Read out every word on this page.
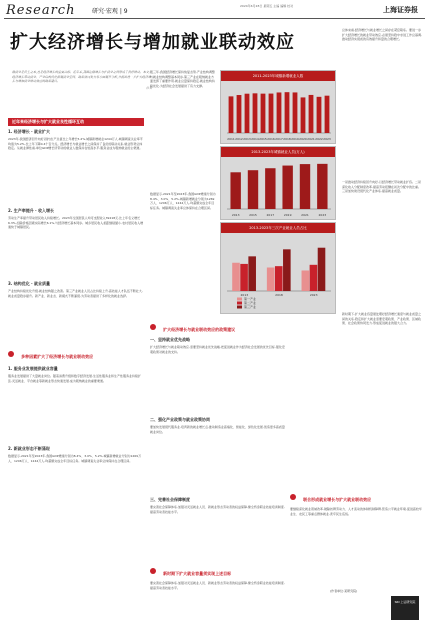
Research	研究·宏观 | 9
2024年6月28日 星期五 主编 编辑 校对	上海证券报
扩大经济增长与增加就业联动效应
稳就业是民生之本,也是经济增长的重要目标。近年来,我国在稳增长与扩就业之间形成了良好联动。本文从经济增长带动就业、产业结构优化拓展就业空间、政策协同发力等方面展开分析,并提出进一步扩大经济增长与增加就业联动效应的政策建议。
作者
近年来经济增长与扩大就业良性循环互动
1. 经济增长 · 就业扩大

2023年,我国经济回升向好,国内生产总值比上年增长5.2%,城镇新增就业1244万人,城镇调查失业率平均值为5.2%,比上年下降0.4个百分点。经济增长与就业增长之间保持了良好的联动关系,就业形势总体稳定。从就业弹性看,单位GDP增长所带动的就业人数保持在较高水平,服务业成为吸纳就业的主渠道。

2. 生产率提升 · 收入增长

劳动生产率提升带动居民收入持续增长。2023年全国居民人均可支配收入39218元,比上年名义增长6.3%,扣除价格因素实际增长6.1%,与经济增长基本同步。城乡居民收入差距继续缩小,农村居民收入增速快于城镇居民。

3. 结构优化 · 就业质量

产业结构持续优化升级,就业结构随之改善。第三产业就业人员占比持续上升,高技能人才队伍不断壮大,就业质量稳步提升。新产业、新业态、新模式不断涌现,为劳动者提供了多样化的就业选择。

多种因素扩大了经济增长与就业联动效应
1. 服务业发展提供就业容量

服务业发展提供了大量就业岗位。随着消费升级和数字经济发展,生活性服务业和生产性服务业持续扩张,灵活就业、平台就业等新就业形态快速发展,成为吸纳就业的重要渠道。

2. 新就业形态不断涌现

数据显示,2021年至2023年,我国GDP增速分别为8.4%、3.0%、5.2%,城镇新增就业分别为1269万人、1206万人、1244万人,均超额完成全年目标任务。城镇调查失业率总体保持在合理区间。

近三年,我国经济增长保持恢复态势,产业结构调整与就业结构调整基本同步,第三产业在吸纳就业方面发挥了重要作用,就业总量保持稳定,就业结构持续优化,为经济社会发展提供了有力支撑。

数据显示,2021年至2023年,我国GDP增速分别为8.4%、3.0%、5.2%,城镇新增就业分别为1269万人、1206万人、1244万人,均超额完成全年目标任务。城镇调查失业率总体保持在合理区间。

2011-2023年城镇新增就业人数
2011 2012 2013 2014 2015 2016 2017 2018 2019 2020 2021 2022 2023
2013-2023年城镇就业人员(万人)
2013	2015	2017	2019	2021	2023
2013-2023年三次产业就业人员占比
2013	2018	2023
第一产业
第二产业
第三产业
扩大经济增长与就业联动效应的政策建议
一、坚持就业优先战略

扩大经济增长与就业联动效应,需要坚持就业优先战略,把促进就业作为经济社会发展的优先目标,强化宏观政策对就业的支持。

二、强化产业政策与就业政策协同

要加快发展现代服务业,培育新的就业增长点,推动制造业高端化、智能化、绿色化发展,创造更多高质量就业岗位。

三、完善社会保障制度

要完善社会保障体系,加强对灵活就业人员、新就业形态劳动者的权益保障,健全终身职业技能培训制度,提高劳动者技能水平。

总体来看,经济增长与就业增长之间存在紧密联系。要进一步扩大经济增长的就业带动效应,必须坚持稳中求进工作总基调,推动经济实现质的有效提升和量的合理增长。

一是推动经济持续回升向好,以经济增长带动就业扩容。二是深化收入分配制度改革,提高劳动报酬在初次分配中的比重。三是加快建设现代化产业体系,提高就业质量。

新时期下,扩大就业容量须处理好经济增长速度与就业质量之间的关系,稳定和扩大就业需要宏观政策、产业政策、区域政策、社会政策协同发力,形成促进就业的强大合力。

联合形成就业增长与扩大就业联动效应

要继续深化就业领域改革,破除妨碍劳动力、人才流动的体制机制障碍,营造公平就业环境,促进高校毕业生、农民工等重点群体就业,兜牢民生底线。

新时期下扩大就业容量须实现上述目标

要完善社会保障体系,加强对灵活就业人员、新就业形态劳动者的权益保障,健全终身职业技能培训制度,提高劳动者技能水平。

(作者单位:某研究院)
SRI 上证研究院
